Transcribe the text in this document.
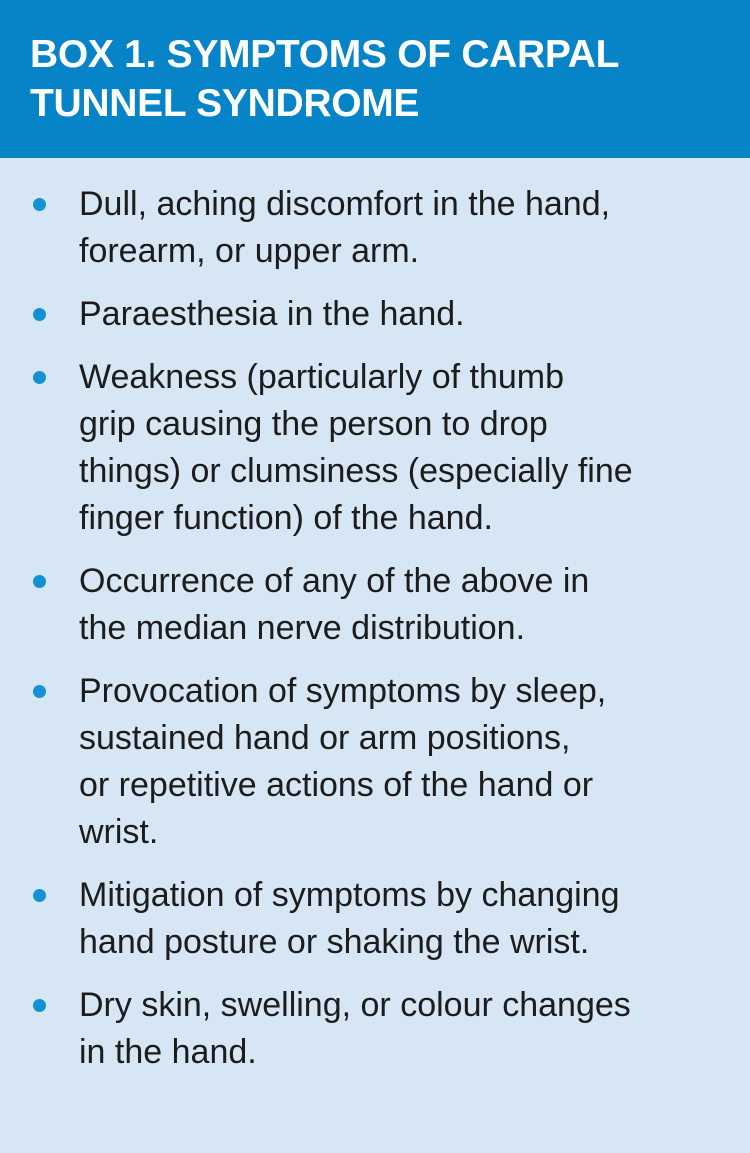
BOX 1. SYMPTOMS OF CARPAL
TUNNEL SYNDROME
Dull, aching discomfort in the hand,
forearm, or upper arm.
Paraesthesia in the hand.
Weakness (particularly of thumb
grip causing the person to drop
things) or clumsiness (especially fine
finger function) of the hand.
Occurrence of any of the above in
the median nerve distribution.
Provocation of symptoms by sleep,
sustained hand or arm positions,
or repetitive actions of the hand or
wrist.
Mitigation of symptoms by changing
hand posture or shaking the wrist.
Dry skin, swelling, or colour changes
in the hand.
